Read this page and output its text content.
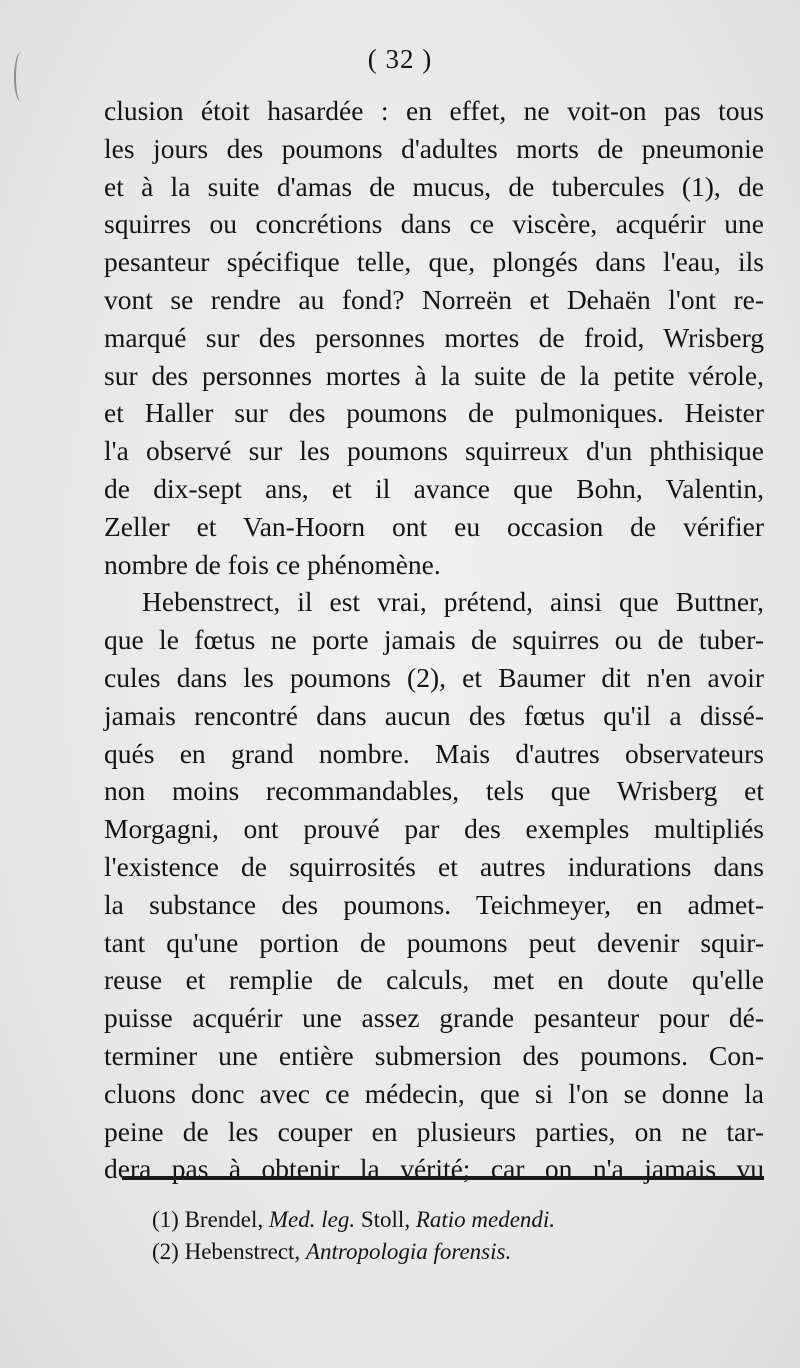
( 32 )
clusion étoit hasardée : en effet, ne voit-on pas tous
les jours des poumons d'adultes morts de pneumonie
et à la suite d'amas de mucus, de tubercules (1), de
squirres ou concrétions dans ce viscère, acquérir une
pesanteur spécifique telle, que, plongés dans l'eau, ils
vont se rendre au fond? Norreën et Dehaën l'ont re-
marqué sur des personnes mortes de froid, Wrisberg
sur des personnes mortes à la suite de la petite vérole,
et Haller sur des poumons de pulmoniques. Heister
l'a observé sur les poumons squirreux d'un phthisique
de dix-sept ans, et il avance que Bohn, Valentin,
Zeller et Van-Hoorn ont eu occasion de vérifier
nombre de fois ce phénomène.
Hebenstrect, il est vrai, prétend, ainsi que Buttner,
que le fœtus ne porte jamais de squirres ou de tuber-
cules dans les poumons (2), et Baumer dit n'en avoir
jamais rencontré dans aucun des fœtus qu'il a dissé-
qués en grand nombre. Mais d'autres observateurs
non moins recommandables, tels que Wrisberg et
Morgagni, ont prouvé par des exemples multipliés
l'existence de squirrosités et autres indurations dans
la substance des poumons. Teichmeyer, en admet-
tant qu'une portion de poumons peut devenir squir-
reuse et remplie de calculs, met en doute qu'elle
puisse acquérir une assez grande pesanteur pour dé-
terminer une entière submersion des poumons. Con-
cluons donc avec ce médecin, que si l'on se donne la
peine de les couper en plusieurs parties, on ne tar-
dera pas à obtenir la vérité; car on n'a jamais vu
(1) Brendel, Med. leg. Stoll, Ratio medendi.
(2) Hebenstrect, Antropologia forensis.
